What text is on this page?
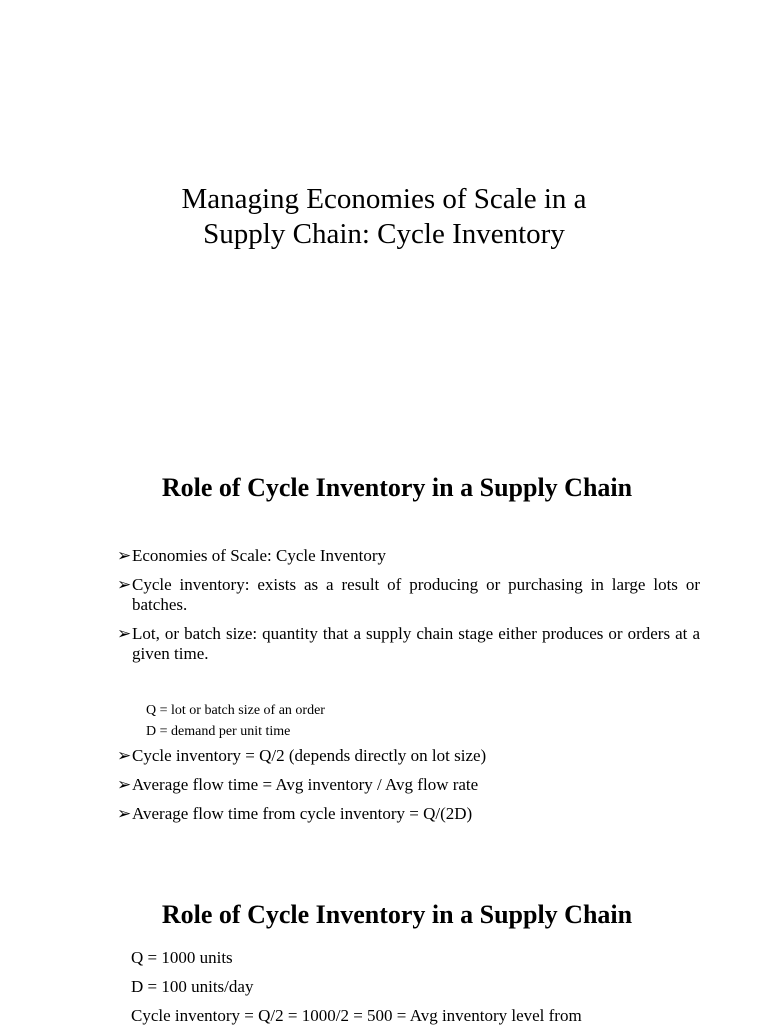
Managing Economies of Scale in a
Supply Chain: Cycle Inventory
Role of Cycle Inventory in a Supply Chain
➢ Economies of Scale: Cycle Inventory
➢ Cycle inventory: exists as a result of producing or purchasing in large lots or batches.
➢ Lot, or batch size: quantity that a supply chain stage either produces or orders at a given time.
Q = lot or batch size of an order
D = demand per unit time
➢ Cycle inventory = Q/2 (depends directly on lot size)
➢ Average flow time = Avg inventory / Avg flow rate
➢ Average flow time from cycle inventory = Q/(2D)
Role of Cycle Inventory in a Supply Chain
Q = 1000 units
D = 100 units/day
Cycle inventory = Q/2 = 1000/2 = 500 = Avg inventory level from
